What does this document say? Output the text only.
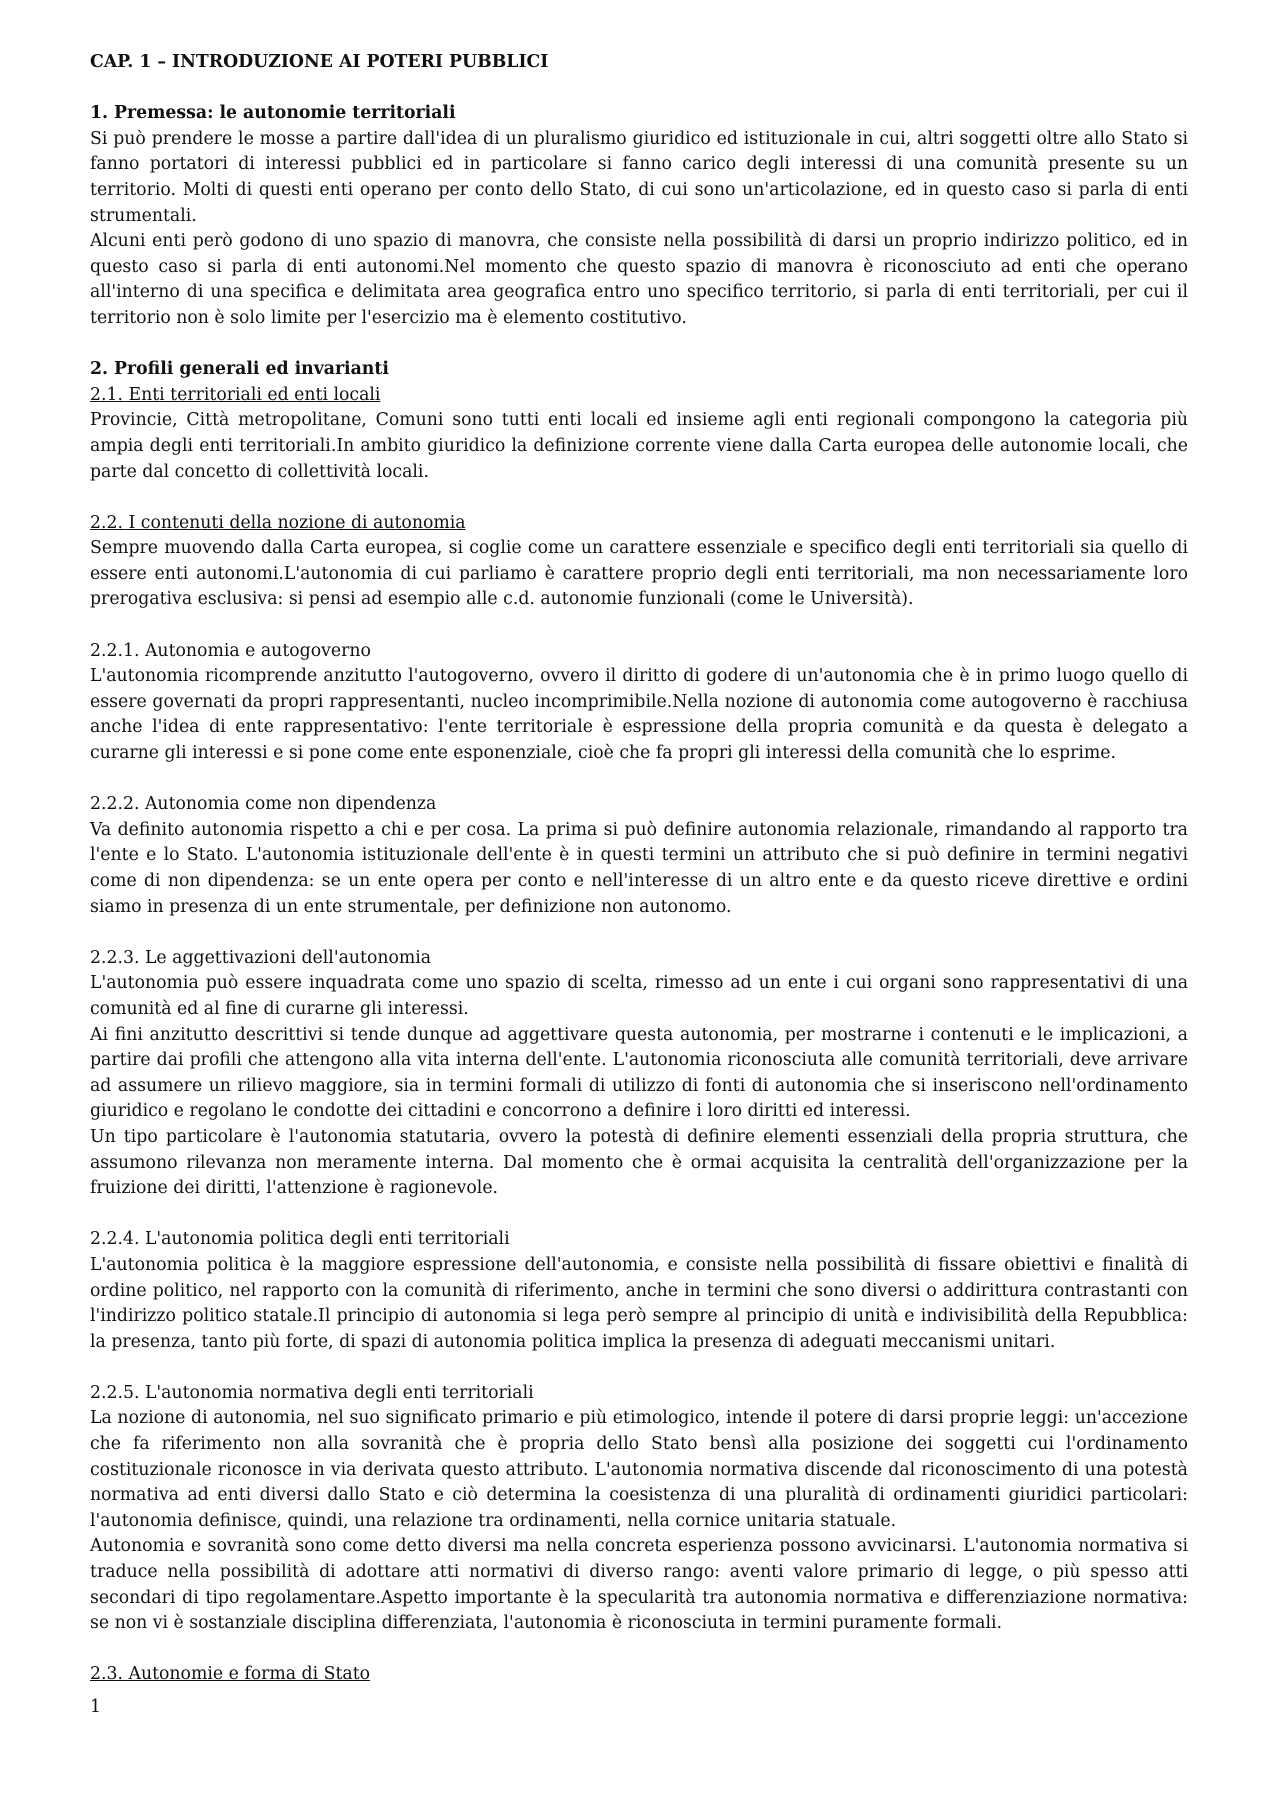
CAP. 1 – INTRODUZIONE AI POTERI PUBBLICI

1. Premessa: le autonomie territoriali

Si può prendere le mosse a partire dall'idea di un pluralismo giuridico ed istituzionale in cui, altri soggetti oltre allo Stato si fanno portatori di interessi pubblici ed in particolare si fanno carico degli interessi di una comunità presente su un territorio. Molti di questi enti operano per conto dello Stato, di cui sono un'articolazione, ed in questo caso si parla di enti strumentali.

Alcuni enti però godono di uno spazio di manovra, che consiste nella possibilità di darsi un proprio indirizzo politico, ed in questo caso si parla di enti autonomi.Nel momento che questo spazio di manovra è riconosciuto ad enti che operano all'interno di una specifica e delimitata area geografica entro uno specifico territorio, si parla di enti territoriali, per cui il territorio non è solo limite per l'esercizio ma è elemento costitutivo.

2. Profili generali ed invarianti

2.1. Enti territoriali ed enti locali

Provincie, Città metropolitane, Comuni sono tutti enti locali ed insieme agli enti regionali compongono la categoria più ampia degli enti territoriali.In ambito giuridico la definizione corrente viene dalla Carta europea delle autonomie locali, che parte dal concetto di collettività locali.

2.2. I contenuti della nozione di autonomia

Sempre muovendo dalla Carta europea, si coglie come un carattere essenziale e specifico degli enti territoriali sia quello di essere enti autonomi.L'autonomia di cui parliamo è carattere proprio degli enti territoriali, ma non necessariamente loro prerogativa esclusiva: si pensi ad esempio alle c.d. autonomie funzionali (come le Università).

2.2.1. Autonomia e autogoverno

L'autonomia ricomprende anzitutto l'autogoverno, ovvero il diritto di godere di un'autonomia che è in primo luogo quello di essere governati da propri rappresentanti, nucleo incomprimibile.Nella nozione di autonomia come autogoverno è racchiusa anche l'idea di ente rappresentativo: l'ente territoriale è espressione della propria comunità e da questa è delegato a curarne gli interessi e si pone come ente esponenziale, cioè che fa propri gli interessi della comunità che lo esprime.

2.2.2. Autonomia come non dipendenza

Va definito autonomia rispetto a chi e per cosa. La prima si può definire autonomia relazionale, rimandando al rapporto tra l'ente e lo Stato. L'autonomia istituzionale dell'ente è in questi termini un attributo che si può definire in termini negativi come di non dipendenza: se un ente opera per conto e nell'interesse di un altro ente e da questo riceve direttive e ordini siamo in presenza di un ente strumentale, per definizione non autonomo.

2.2.3. Le aggettivazioni dell'autonomia

L'autonomia può essere inquadrata come uno spazio di scelta, rimesso ad un ente i cui organi sono rappresentativi di una comunità ed al fine di curarne gli interessi.

Ai fini anzitutto descrittivi si tende dunque ad aggettivare questa autonomia, per mostrarne i contenuti e le implicazioni, a partire dai profili che attengono alla vita interna dell'ente. L'autonomia riconosciuta alle comunità territoriali, deve arrivare ad assumere un rilievo maggiore, sia in termini formali di utilizzo di fonti di autonomia che si inseriscono nell'ordinamento giuridico e regolano le condotte dei cittadini e concorrono a definire i loro diritti ed interessi.

Un tipo particolare è l'autonomia statutaria, ovvero la potestà di definire elementi essenziali della propria struttura, che assumono rilevanza non meramente interna. Dal momento che è ormai acquisita la centralità dell'organizzazione per la fruizione dei diritti, l'attenzione è ragionevole.

2.2.4. L'autonomia politica degli enti territoriali

L'autonomia politica è la maggiore espressione dell'autonomia, e consiste nella possibilità di fissare obiettivi e finalità di ordine politico, nel rapporto con la comunità di riferimento, anche in termini che sono diversi o addirittura contrastanti con l'indirizzo politico statale.Il principio di autonomia si lega però sempre al principio di unità e indivisibilità della Repubblica: la presenza, tanto più forte, di spazi di autonomia politica implica la presenza di adeguati meccanismi unitari.

2.2.5. L'autonomia normativa degli enti territoriali

La nozione di autonomia, nel suo significato primario e più etimologico, intende il potere di darsi proprie leggi: un'accezione che fa riferimento non alla sovranità che è propria dello Stato bensì alla posizione dei soggetti cui l'ordinamento costituzionale riconosce in via derivata questo attributo. L'autonomia normativa discende dal riconoscimento di una potestà normativa ad enti diversi dallo Stato e ciò determina la coesistenza di una pluralità di ordinamenti giuridici particolari: l'autonomia definisce, quindi, una relazione tra ordinamenti, nella cornice unitaria statuale.

Autonomia e sovranità sono come detto diversi ma nella concreta esperienza possono avvicinarsi. L'autonomia normativa si traduce nella possibilità di adottare atti normativi di diverso rango: aventi valore primario di legge, o più spesso atti secondari di tipo regolamentare.Aspetto importante è la specularità tra autonomia normativa e differenziazione normativa: se non vi è sostanziale disciplina differenziata, l'autonomia è riconosciuta in termini puramente formali.

2.3. Autonomie e forma di Stato

1
